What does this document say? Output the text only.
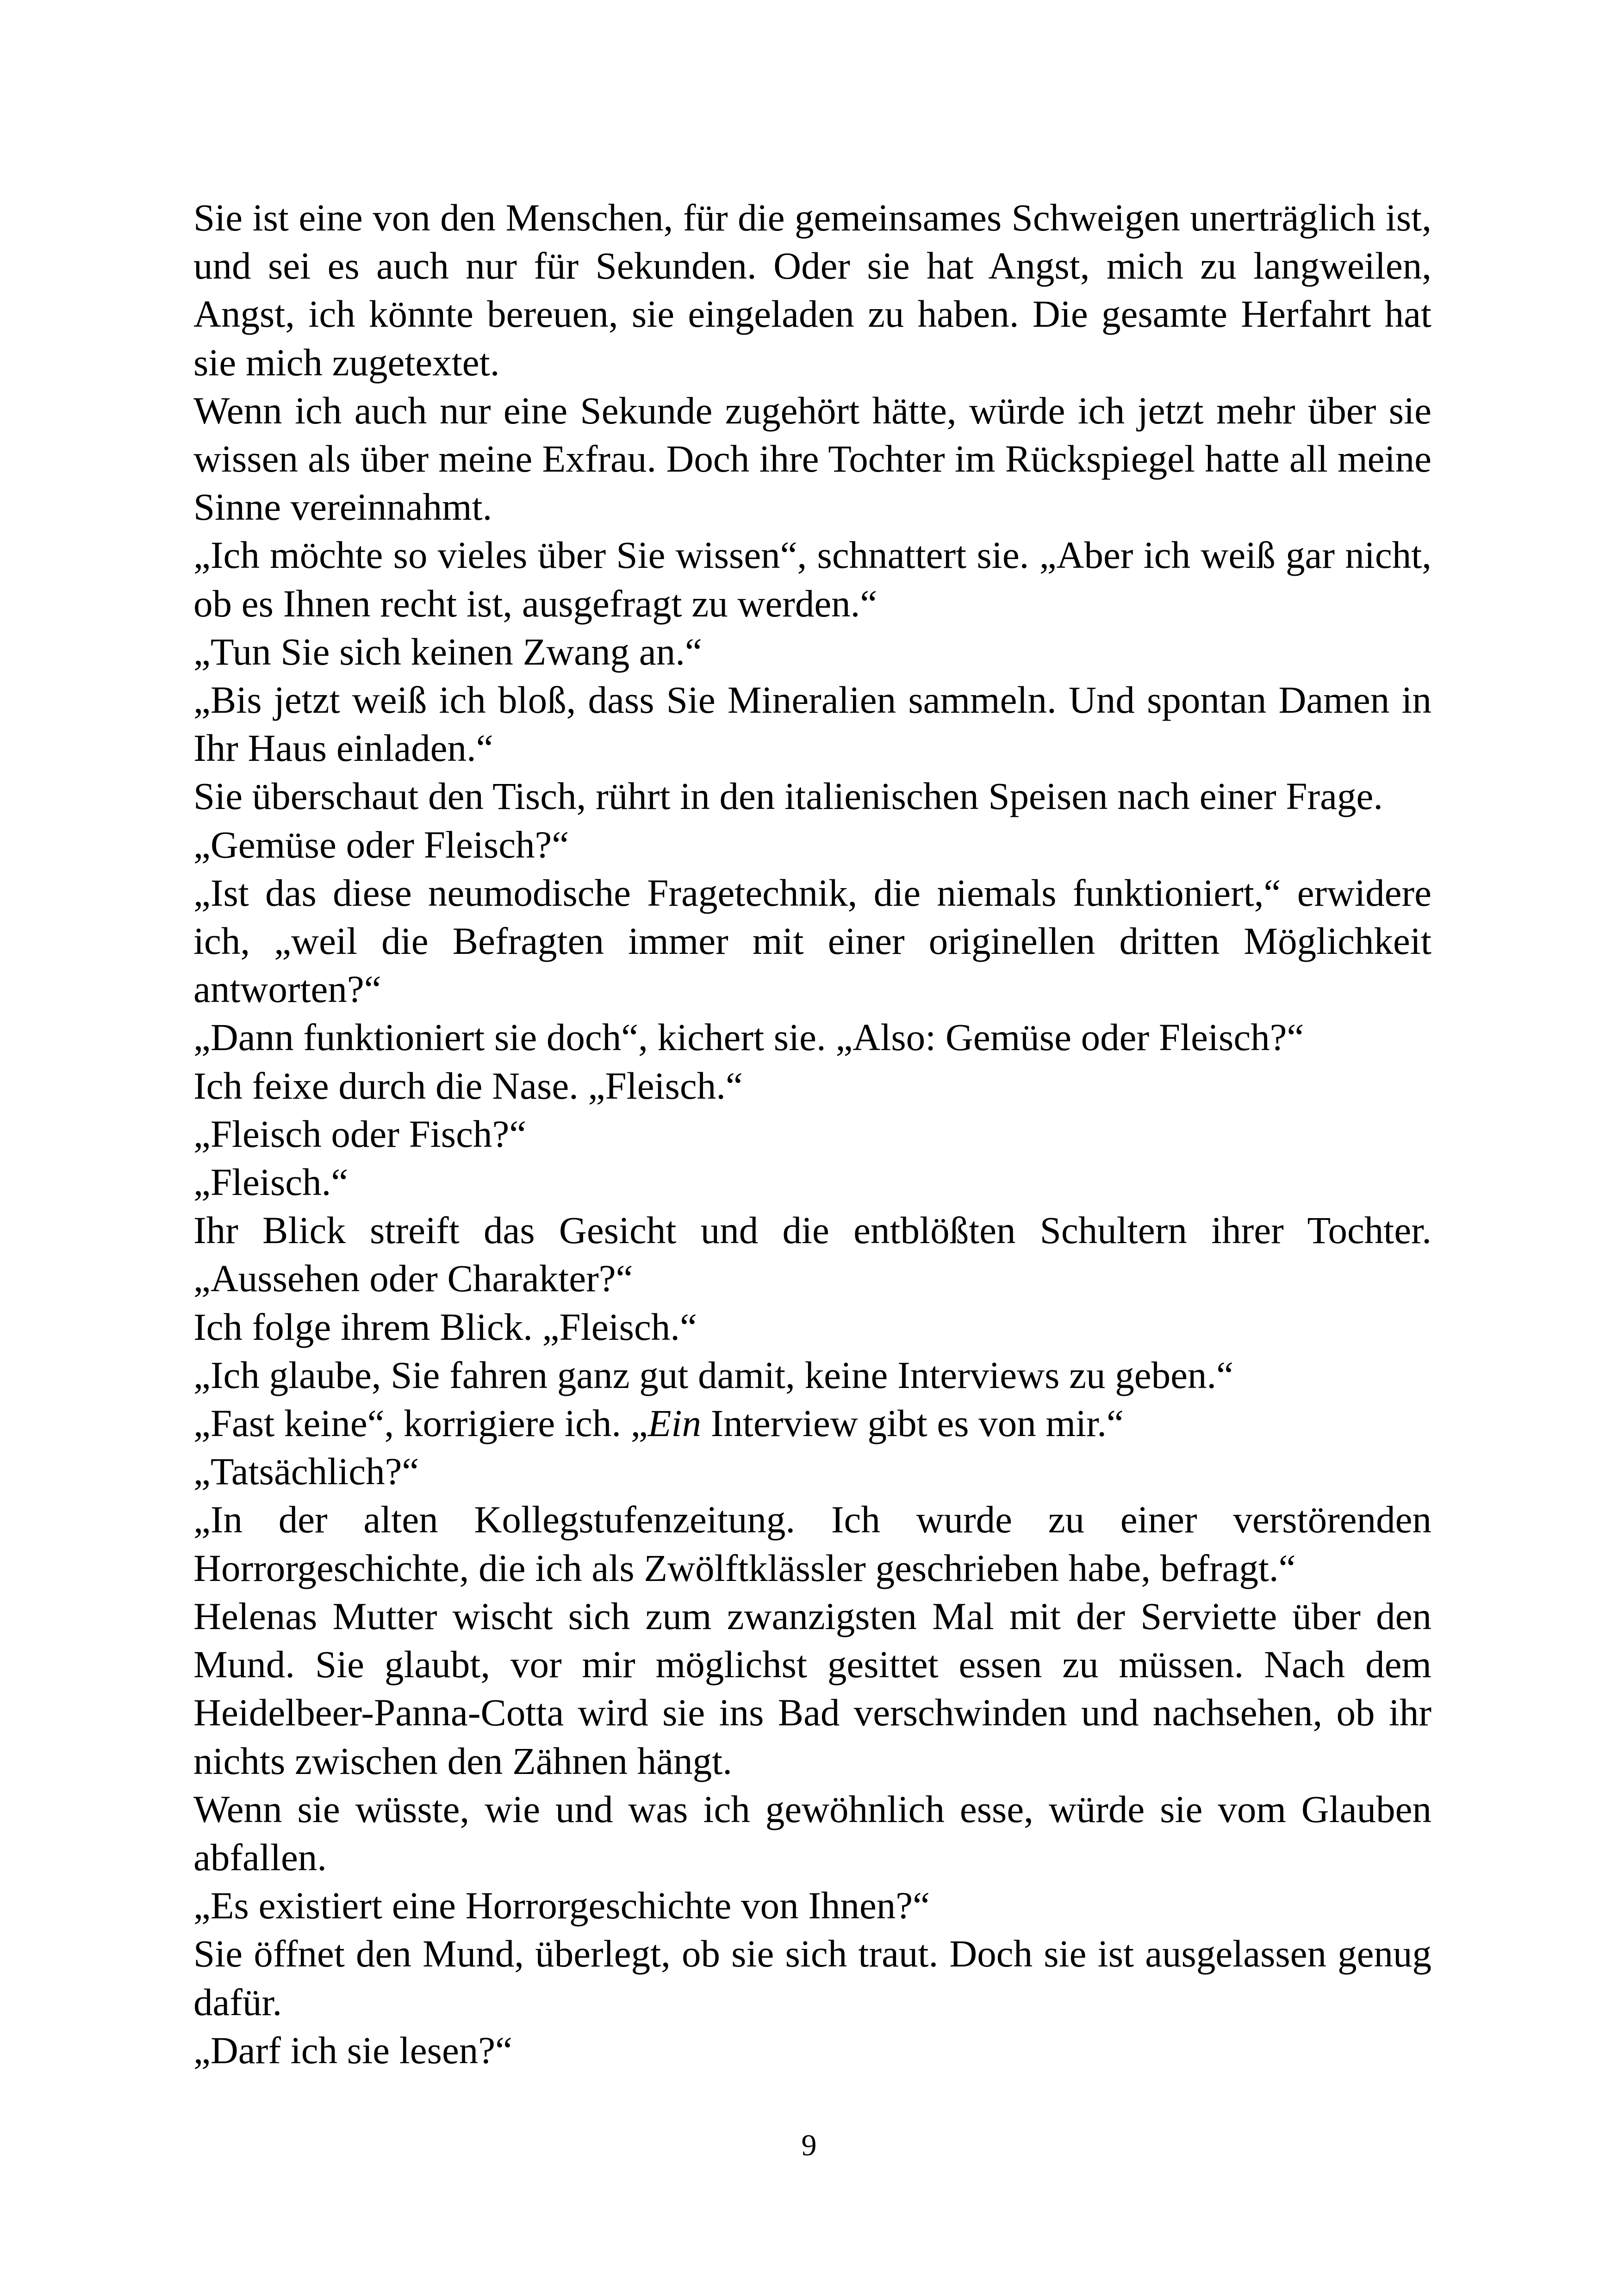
Sie ist eine von den Menschen, für die gemeinsames Schweigen unerträglich ist, und sei es auch nur für Sekunden. Oder sie hat Angst, mich zu langweilen, Angst, ich könnte bereuen, sie eingeladen zu haben. Die gesamte Herfahrt hat sie mich zugetextet.

Wenn ich auch nur eine Sekunde zugehört hätte, würde ich jetzt mehr über sie wissen als über meine Exfrau. Doch ihre Tochter im Rückspiegel hatte all meine Sinne vereinnahmt.

„Ich möchte so vieles über Sie wissen“, schnattert sie. „Aber ich weiß gar nicht, ob es Ihnen recht ist, ausgefragt zu werden.“

„Tun Sie sich keinen Zwang an.“

„Bis jetzt weiß ich bloß, dass Sie Mineralien sammeln. Und spontan Damen in Ihr Haus einladen.“

Sie überschaut den Tisch, rührt in den italienischen Speisen nach einer Frage.

„Gemüse oder Fleisch?“

„Ist das diese neumodische Fragetechnik, die niemals funktioniert,“ erwidere ich, „weil die Befragten immer mit einer originellen dritten Möglichkeit antworten?“

„Dann funktioniert sie doch“, kichert sie. „Also: Gemüse oder Fleisch?“

Ich feixe durch die Nase. „Fleisch.“

„Fleisch oder Fisch?“

„Fleisch.“

Ihr Blick streift das Gesicht und die entblößten Schultern ihrer Tochter. „Aussehen oder Charakter?“

Ich folge ihrem Blick. „Fleisch.“

„Ich glaube, Sie fahren ganz gut damit, keine Interviews zu geben.“

„Fast keine“, korrigiere ich. „Ein Interview gibt es von mir.“

„Tatsächlich?“

„In der alten Kollegstufenzeitung. Ich wurde zu einer verstörenden Horrorgeschichte, die ich als Zwölftklässler geschrieben habe, befragt.“

Helenas Mutter wischt sich zum zwanzigsten Mal mit der Serviette über den Mund. Sie glaubt, vor mir möglichst gesittet essen zu müssen. Nach dem Heidelbeer-Panna-Cotta wird sie ins Bad verschwinden und nachsehen, ob ihr nichts zwischen den Zähnen hängt.

Wenn sie wüsste, wie und was ich gewöhnlich esse, würde sie vom Glauben abfallen.

„Es existiert eine Horrorgeschichte von Ihnen?“

Sie öffnet den Mund, überlegt, ob sie sich traut. Doch sie ist ausgelassen genug dafür.

„Darf ich sie lesen?“

9
